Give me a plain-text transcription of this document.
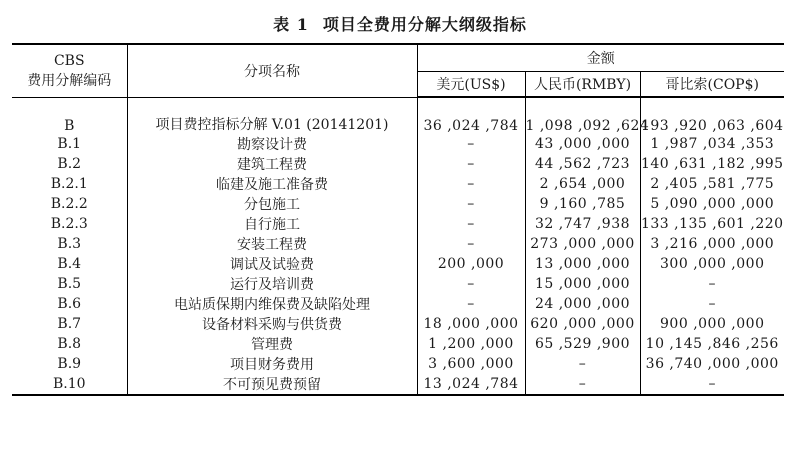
表 1 项目全费用分解大纲级指标
CBS
费用分解编码	分项名称	金额		
		美元(US$)	人民币(RMBY)	哥比索(COP$)

B	项目费控指标分解 V.01 (20141201)	36 ,024 ,784	1 ,098 ,092 ,624	193 ,920 ,063 ,604
B.1	勘察设计费	–	43 ,000 ,000	1 ,987 ,034 ,353
B.2	建筑工程费	–	44 ,562 ,723	140 ,631 ,182 ,995
B.2.1	临建及施工准备费	–	2 ,654 ,000	2 ,405 ,581 ,775
B.2.2	分包施工	–	9 ,160 ,785	5 ,090 ,000 ,000
B.2.3	自行施工	–	32 ,747 ,938	133 ,135 ,601 ,220
B.3	安装工程费	–	273 ,000 ,000	3 ,216 ,000 ,000
B.4	调试及试验费	200 ,000	13 ,000 ,000	300 ,000 ,000
B.5	运行及培训费	–	15 ,000 ,000	–
B.6	电站质保期内维保费及缺陷处理	–	24 ,000 ,000	–
B.7	设备材料采购与供货费	18 ,000 ,000	620 ,000 ,000	900 ,000 ,000
B.8	管理费	1 ,200 ,000	65 ,529 ,900	10 ,145 ,846 ,256
B.9	项目财务费用	3 ,600 ,000	–	36 ,740 ,000 ,000
B.10	不可预见费预留	13 ,024 ,784	–	–
